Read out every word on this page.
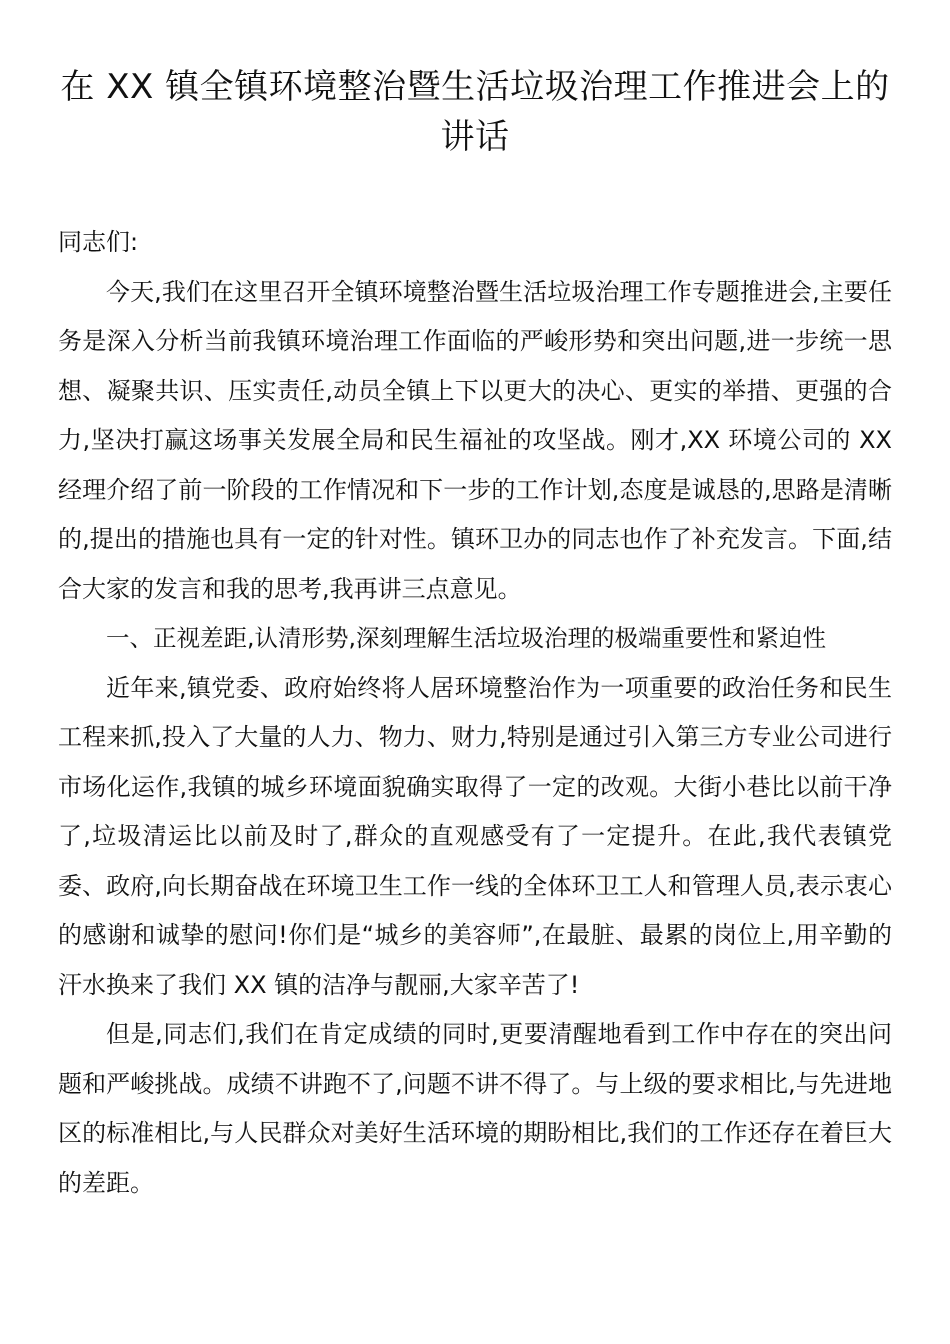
在 XX 镇全镇环境整治暨生活垃圾治理工作推进会上的讲话

同志们:

今天,我们在这里召开全镇环境整治暨生活垃圾治理工作专题推进会,主要任务是深入分析当前我镇环境治理工作面临的严峻形势和突出问题,进一步统一思想、凝聚共识、压实责任,动员全镇上下以更大的决心、更实的举措、更强的合力,坚决打赢这场事关发展全局和民生福祉的攻坚战。刚才,XX 环境公司的 XX 经理介绍了前一阶段的工作情况和下一步的工作计划,态度是诚恳的,思路是清晰的,提出的措施也具有一定的针对性。镇环卫办的同志也作了补充发言。下面,结合大家的发言和我的思考,我再讲三点意见。

一、正视差距,认清形势,深刻理解生活垃圾治理的极端重要性和紧迫性

近年来,镇党委、政府始终将人居环境整治作为一项重要的政治任务和民生工程来抓,投入了大量的人力、物力、财力,特别是通过引入第三方专业公司进行市场化运作,我镇的城乡环境面貌确实取得了一定的改观。大街小巷比以前干净了,垃圾清运比以前及时了,群众的直观感受有了一定提升。在此,我代表镇党委、政府,向长期奋战在环境卫生工作一线的全体环卫工人和管理人员,表示衷心的感谢和诚挚的慰问!你们是“城乡的美容师”,在最脏、最累的岗位上,用辛勤的汗水换来了我们 XX 镇的洁净与靓丽,大家辛苦了!

但是,同志们,我们在肯定成绩的同时,更要清醒地看到工作中存在的突出问题和严峻挑战。成绩不讲跑不了,问题不讲不得了。与上级的要求相比,与先进地区的标准相比,与人民群众对美好生活环境的期盼相比,我们的工作还存在着巨大的差距。
